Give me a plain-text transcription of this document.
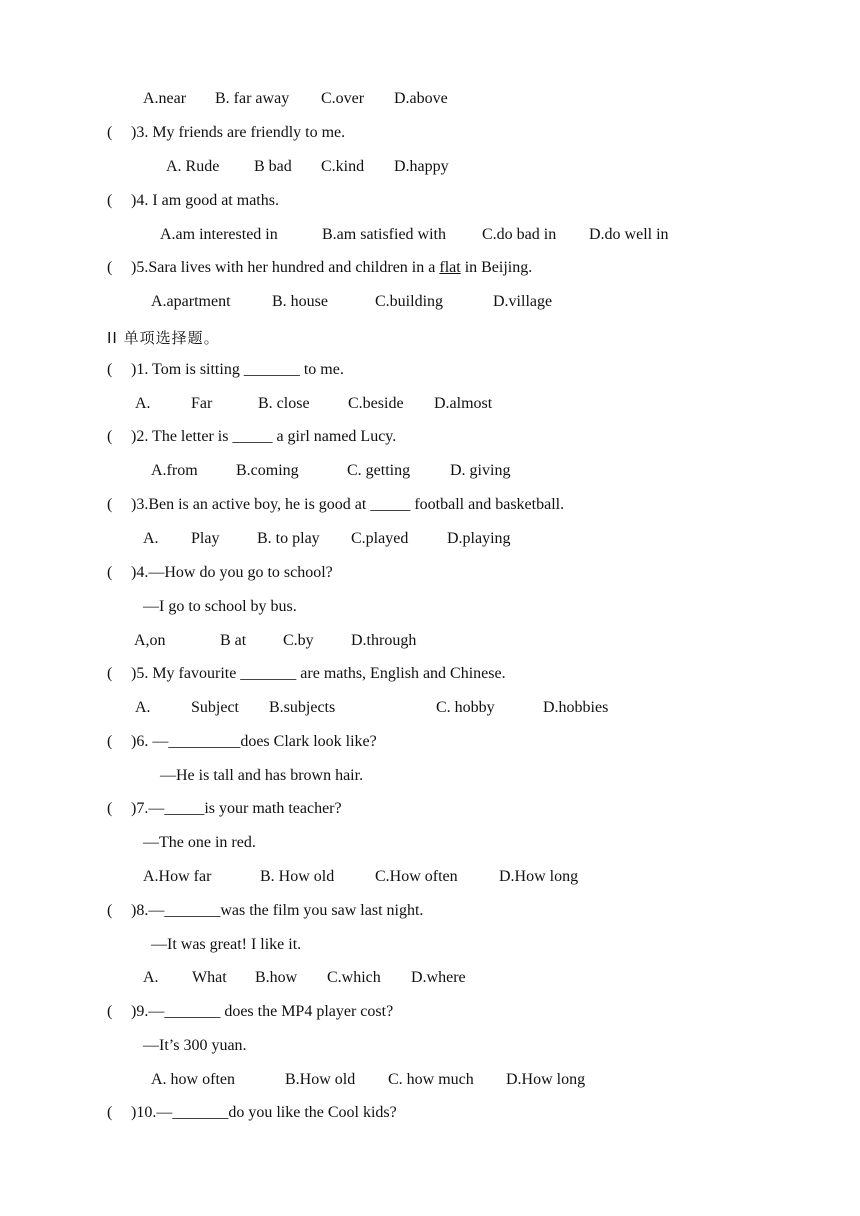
A.near B. far away C.over D.above
( )3. My friends are friendly to me.
A. Rude B bad C.kind D.happy
( )4. I am good at maths.
A.am interested in	B.am satisfied with C.do bad in D.do well in
( )5.Sara lives with her hundred and children in a flat in Beijing.
A.apartment	B. house	C.building	D.village
II 单项选择题。
( )1. Tom is sitting _______ to me.
A.	Far	B. close C.beside D.almost
( )2. The letter is _____ a girl named Lucy.
A.from B.coming	C. getting D. giving
( )3.Ben is an active boy, he is good at _____ football and basketball.
A. Play B. to play C.played D.playing
( )4.—How do you go to school?
—I go to school by bus.
A,on	B at C.by D.through
( )5. My favourite _______ are maths, English and Chinese.
A.	Subject B.subjects	C. hobby	D.hobbies
( )6. —_________does Clark look like?
—He is tall and has brown hair.
( )7.—_____is your math teacher?
—The one in red.
A.How far	B. How old	C.How often	D.How long
( )8.—_______was the film you saw last night.
—It was great! I like it.
A. What B.how C.which D.where
( )9.—_______ does the MP4 player cost?
—It’s 300 yuan.
A. how often	B.How old C. how much D.How long
( )10.—_______do you like the Cool kids?
